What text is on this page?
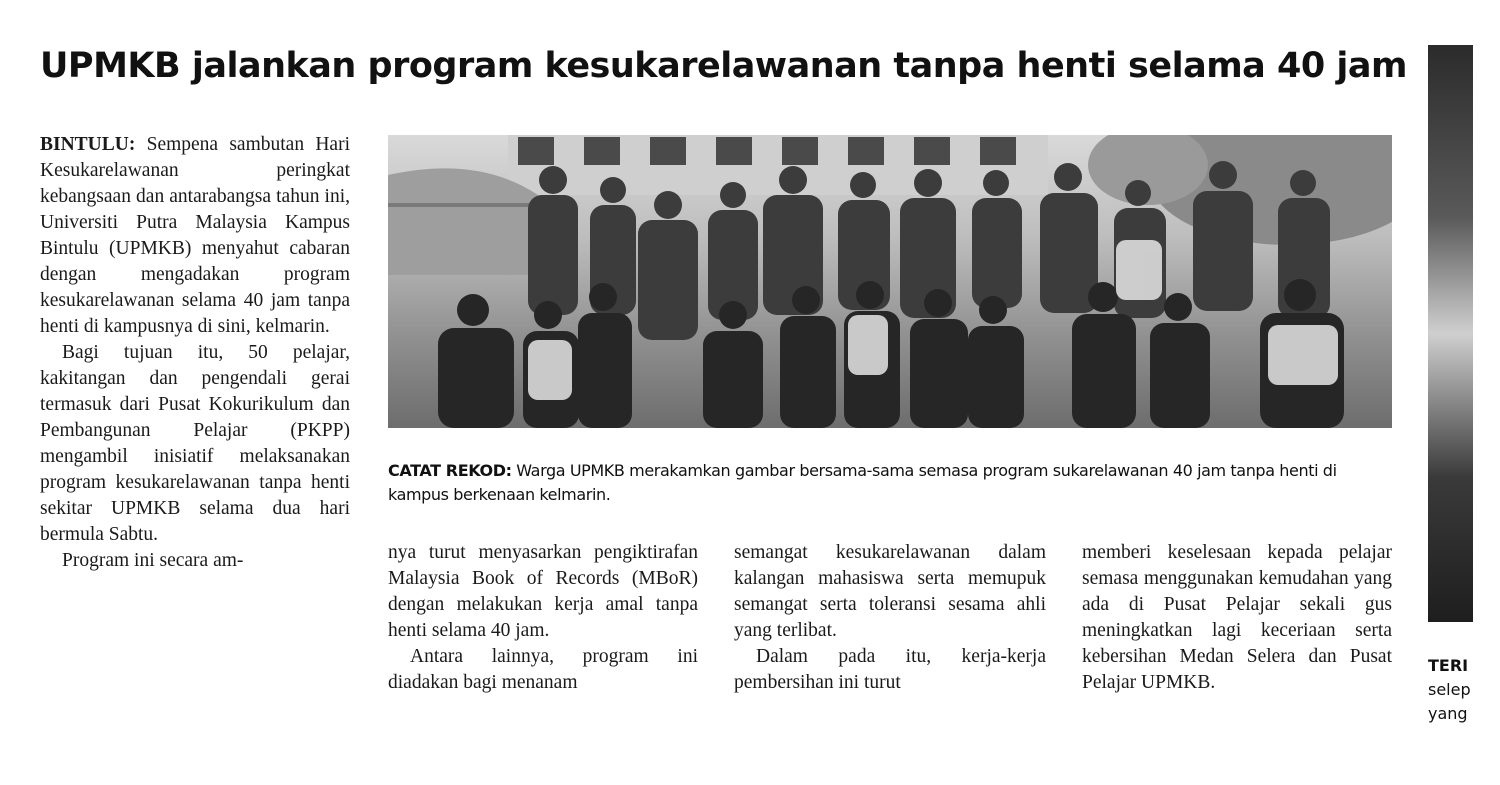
UPMKB jalankan program kesukarelawanan tanpa henti selama 40 jam

BINTULU: Sempena sambutan Hari Kesukarelawanan peringkat kebangsaan dan antarabangsa tahun ini, Universiti Putra Malaysia Kampus Bintulu (UPMKB) menyahut cabaran dengan mengadakan program kesukarelawanan selama 40 jam tanpa henti di kampusnya di sini, kelmarin.

Bagi tujuan itu, 50 pelajar, kakitangan dan pengendali gerai termasuk dari Pusat Kokurikulum dan Pembangunan Pelajar (PKPP) mengambil inisiatif melaksanakan program kesukarelawanan tanpa henti sekitar UPMKB selama dua hari bermula Sabtu.

Program ini secara am-

CATAT REKOD: Warga UPMKB merakamkan gambar bersama-sama semasa program sukarelawanan 40 jam tanpa henti di kampus berkenaan kelmarin.

nya turut menyasarkan pengiktirafan Malaysia Book of Records (MBoR) dengan melakukan kerja amal tanpa henti selama 40 jam.

Antara lainnya, program ini diadakan bagi menanam

semangat kesukarelawanan dalam kalangan mahasiswa serta memupuk semangat serta toleransi sesama ahli yang terlibat.

Dalam pada itu, kerja-kerja pembersihan ini turut

memberi keselesaan kepada pelajar semasa menggunakan kemudahan yang ada di Pusat Pelajar sekali gus meningkatkan lagi keceriaan serta kebersihan Medan Selera dan Pusat Pelajar UPMKB.

TERI
selep
yang
